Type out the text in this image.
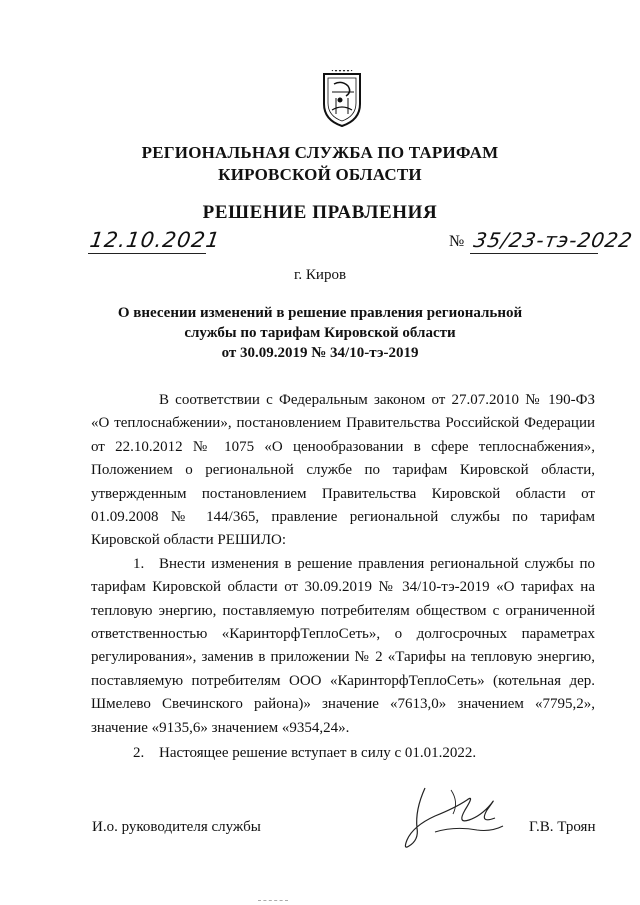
РЕГИОНАЛЬНАЯ СЛУЖБА ПО ТАРИФАМ
КИРОВСКОЙ ОБЛАСТИ
РЕШЕНИЕ ПРАВЛЕНИЯ
12.10.2021	№ 35/23-тэ-2022
г. Киров
О внесении изменений в решение правления региональной
службы по тарифам Кировской области
от 30.09.2019 № 34/10-тэ-2019

В соответствии с Федеральным законом от 27.07.2010 № 190-ФЗ «О теплоснабжении», постановлением Правительства Российской Федерации от 22.10.2012 № 1075 «О ценообразовании в сфере теплоснабжения», Положением о региональной службе по тарифам Кировской области, утвержденным постановлением Правительства Кировской области от 01.09.2008 № 144/365, правление региональной службы по тарифам Кировской области РЕШИЛО:

1. Внести изменения в решение правления региональной службы по тарифам Кировской области от 30.09.2019 № 34/10-тэ-2019 «О тарифах на тепловую энергию, поставляемую потребителям обществом с ограниченной ответственностью «КаринторфТеплоСеть», о долгосрочных параметрах регулирования», заменив в приложении № 2 «Тарифы на тепловую энергию, поставляемую потребителям ООО «КаринторфТеплоСеть» (котельная дер. Шмелево Свечинского района)» значение «7613,0» значением «7795,2», значение «9135,6» значением «9354,24».

2. Настоящее решение вступает в силу с 01.01.2022.

И.о. руководителя службы	Г.В. Троян
